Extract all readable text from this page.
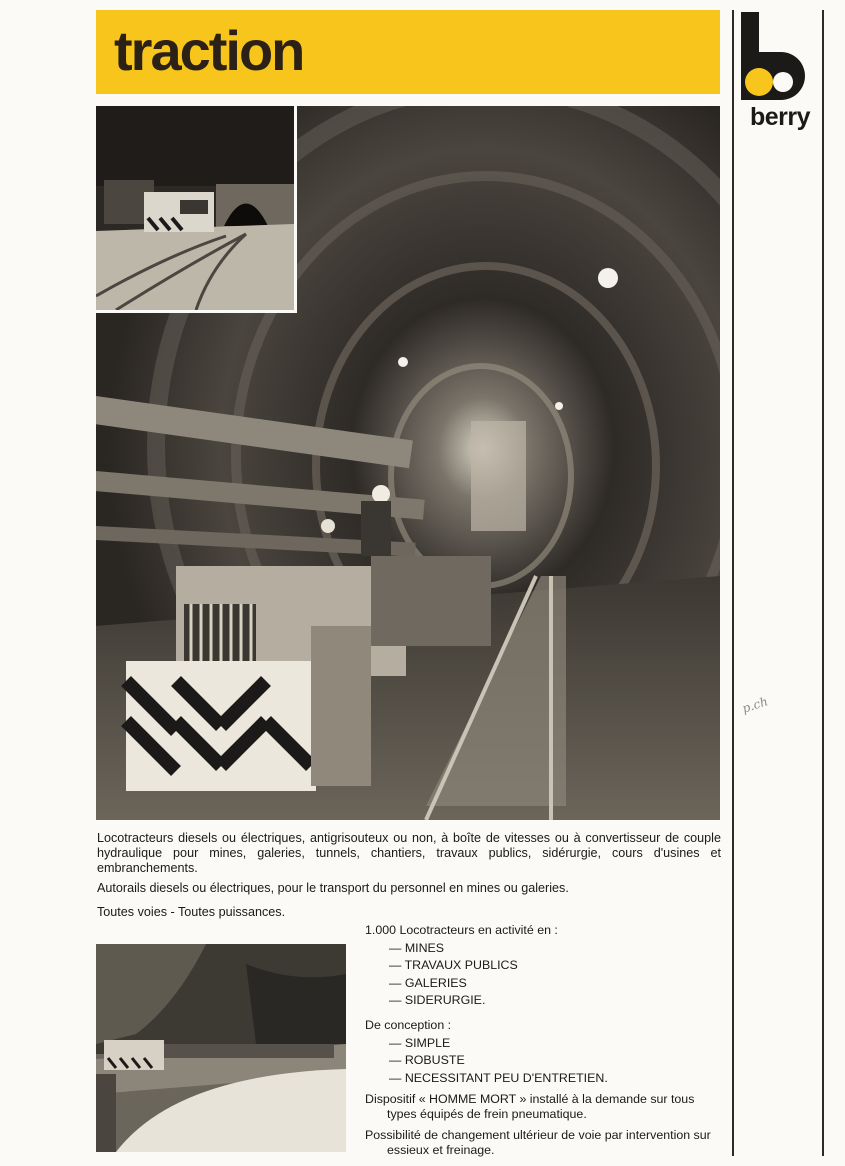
traction
berry

Locotracteurs diesels ou électriques, antigrisouteux ou non, à boîte de vitesses ou à convertisseur de couple hydraulique pour mines, galeries, tunnels, chantiers, travaux publics, sidérurgie, cours d'usines et embranchements.

Autorails diesels ou électriques, pour le transport du personnel en mines ou galeries.

Toutes voies - Toutes puissances.

1.000 Locotracteurs en activité en :

— MINES

— TRAVAUX PUBLICS

— GALERIES

— SIDERURGIE.

De conception :

— SIMPLE

— ROBUSTE

— NECESSITANT PEU D'ENTRETIEN.

Dispositif « HOMME MORT » installé à la demande sur tous types équipés de frein pneumatique.

Possibilité de changement ultérieur de voie par intervention sur essieux et freinage.

p.ch
